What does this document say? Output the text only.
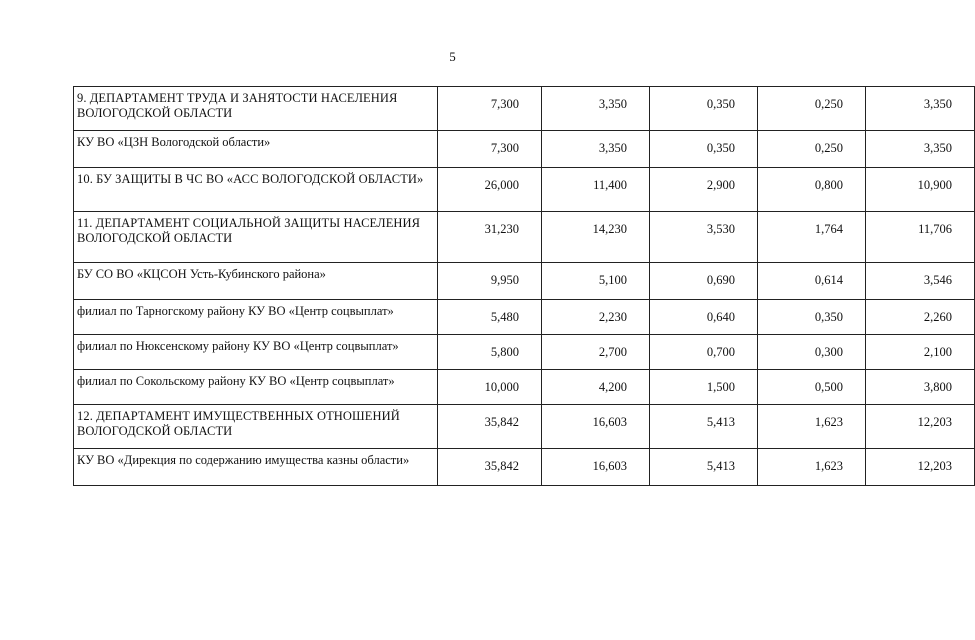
5
9. ДЕПАРТАМЕНТ ТРУДА И ЗАНЯТОСТИ НАСЕЛЕНИЯ ВОЛОГОДСКОЙ ОБЛАСТИ	7,300	3,350	0,350	0,250	3,350
КУ ВО «ЦЗН Вологодской области»	7,300	3,350	0,350	0,250	3,350
10. БУ ЗАЩИТЫ В ЧС ВО «АСС ВОЛОГОДСКОЙ ОБЛАСТИ»	26,000	11,400	2,900	0,800	10,900
11. ДЕПАРТАМЕНТ СОЦИАЛЬНОЙ ЗАЩИТЫ НАСЕЛЕНИЯ ВОЛОГОДСКОЙ ОБЛАСТИ	31,230	14,230	3,530	1,764	11,706
БУ СО ВО «КЦСОН Усть-Кубинского района»	9,950	5,100	0,690	0,614	3,546
филиал по Тарногскому району КУ ВО «Центр соцвыплат»	5,480	2,230	0,640	0,350	2,260
филиал по Нюксенскому району КУ ВО «Центр соцвыплат»	5,800	2,700	0,700	0,300	2,100
филиал по Сокольскому району КУ ВО «Центр соцвыплат»	10,000	4,200	1,500	0,500	3,800
12. ДЕПАРТАМЕНТ ИМУЩЕСТВЕННЫХ ОТНОШЕНИЙ ВОЛОГОДСКОЙ ОБЛАСТИ	35,842	16,603	5,413	1,623	12,203
КУ ВО «Дирекция по содержанию имущества казны области»	35,842	16,603	5,413	1,623	12,203
